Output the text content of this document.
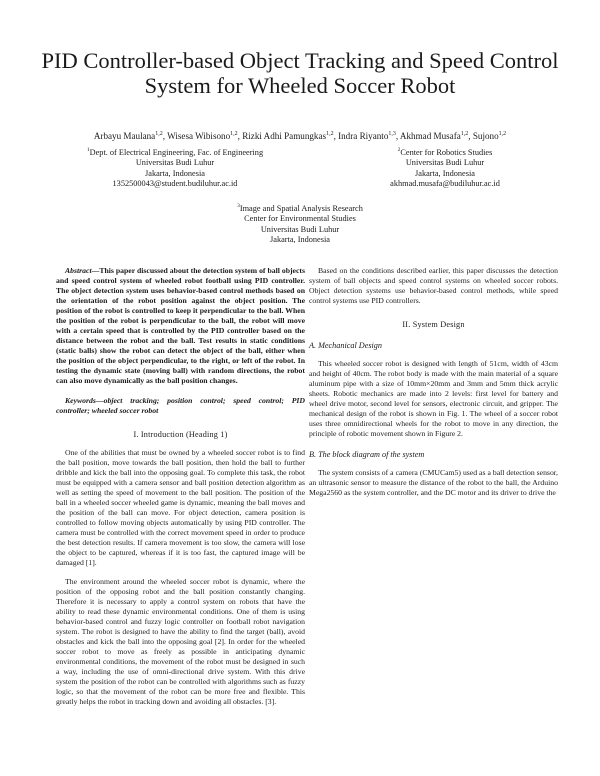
PID Controller-based Object Tracking and Speed Control System for Wheeled Soccer Robot
Arbayu Maulana$^{1,2}$, Wisesa Wibisono$^{1,2}$, Rizki Adhi Pamungkas$^{1,2}$, Indra Riyanto$^{1,3}$, Akhmad Musafa$^{1,2}$, Sujono$^{1,2}$
$^1$Dept. of Electrical Engineering, Fac. of Engineering
Universitas Budi Luhur
Jakarta, Indonesia
1352500043@student.budiluhur.ac.id
$^2$Center for Robotics Studies
Universitas Budi Luhur
Jakarta, Indonesia
akhmad.musafa@budiluhur.ac.id
$^3$Image and Spatial Analysis Research
Center for Environmental Studies
Universitas Budi Luhur
Jakarta, Indonesia

Abstract—This paper discussed about the detection system of ball objects and speed control system of wheeled robot football using PID controller. The object detection system uses behavior-based control methods based on the orientation of the robot position against the object position. The position of the robot is controlled to keep it perpendicular to the ball. When the position of the robot is perpendicular to the ball, the robot will move with a certain speed that is controlled by the PID controller based on the distance between the robot and the ball. Test results in static conditions (static balls) show the robot can detect the object of the ball, either when the position of the object perpendicular, to the right, or left of the robot. In testing the dynamic state (moving ball) with random directions, the robot can also move dynamically as the ball position changes.

Keywords—object tracking; position control; speed control; PID controller; wheeled soccer robot

I. Introduction (Heading 1)

One of the abilities that must be owned by a wheeled soccer robot is to find the ball position, move towards the ball position, then hold the ball to further dribble and kick the ball into the opposing goal. To complete this task, the robot must be equipped with a camera sensor and ball position detection algorithm as well as setting the speed of movement to the ball position. The position of the ball in a wheeled soccer wheeled game is dynamic, meaning the ball moves and the position of the ball can move. For object detection, camera position is controlled to follow moving objects automatically by using PID controller. The camera must be controlled with the correct movement speed in order to produce the best detection results. If camera movement is too slow, the camera will lose the object to be captured, whereas if it is too fast, the captured image will be damaged [1].

The environment around the wheeled soccer robot is dynamic, where the position of the opposing robot and the ball position constantly changing. Therefore it is necessary to apply a control system on robots that have the ability to read these dynamic environmental conditions. One of them is using behavior-based control and fuzzy logic controller on football robot navigation system. The robot is designed to have the ability to find the target (ball), avoid obstacles and kick the ball into the opposing goal [2]. In order for the wheeled soccer robot to move as freely as possible in anticipating dynamic environmental conditions, the movement of the robot must be designed in such a way, including the use of omni-directional drive system. With this drive system the position of the robot can be controlled with algorithms such as fuzzy logic, so that the movement of the robot can be more free and flexible. This greatly helps the robot in tracking down and avoiding all obstacles. [3].

Based on the conditions described earlier, this paper discusses the detection system of ball objects and speed control systems on wheeled soccer robots. Object detection systems use behavior-based control methods, while speed control systems use PID controllers.

II. System Design
A. Mechanical Design

This wheeled soccer robot is designed with length of 51cm, width of 43cm and height of 40cm. The robot body is made with the main material of a square aluminum pipe with a size of 10mm×20mm and 3mm and 5mm thick acrylic sheets. Robotic mechanics are made into 2 levels: first level for battery and wheel drive motor, second level for sensors, electronic circuit, and gripper. The mechanical design of the robot is shown in Fig. 1. The wheel of a soccer robot uses three omnidirectional wheels for the robot to move in any direction, the principle of robotic movement shown in Figure 2.

B. The block diagram of the system

The system consists of a camera (CMUCam5) used as a ball detection sensor, an ultrasonic sensor to measure the distance of the robot to the ball, the Arduino Mega2560 as the system controller, and the DC motor and its driver to drive the
